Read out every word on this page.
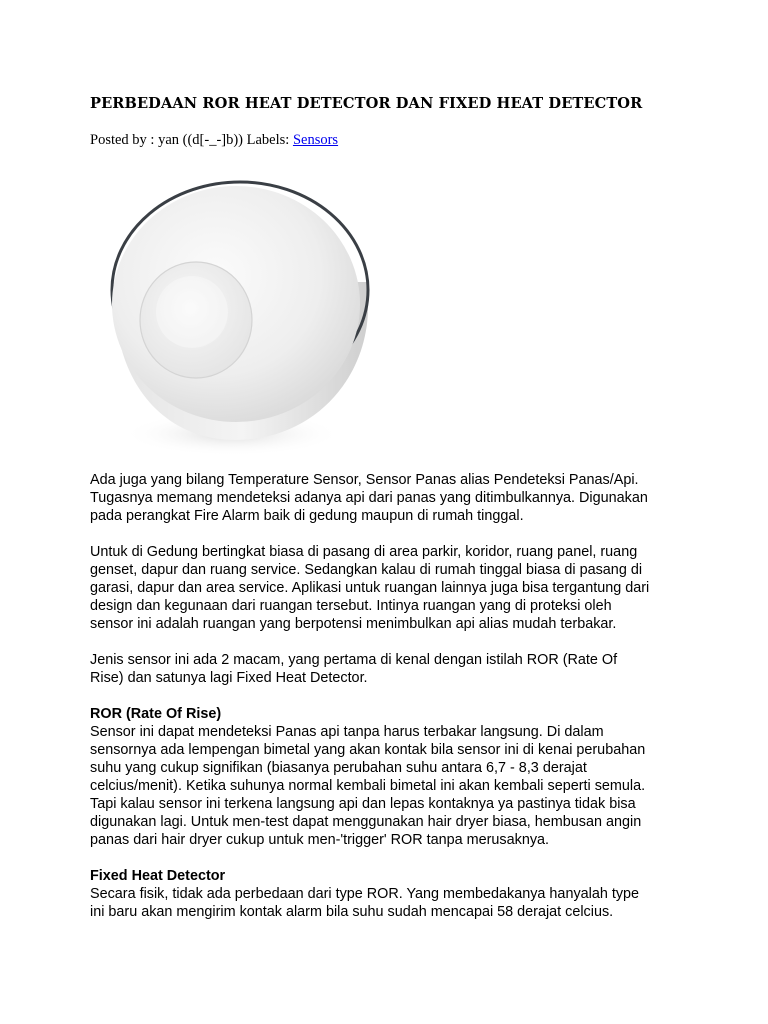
PERBEDAAN ROR HEAT DETECTOR DAN FIXED HEAT DETECTOR
Posted by : yan ((d[-_-]b)) Labels: Sensors

Ada juga yang bilang Temperature Sensor, Sensor Panas alias Pendeteksi Panas/Api.
Tugasnya memang mendeteksi adanya api dari panas yang ditimbulkannya. Digunakan
pada perangkat Fire Alarm baik di gedung maupun di rumah tinggal.

Untuk di Gedung bertingkat biasa di pasang di area parkir, koridor, ruang panel, ruang
genset, dapur dan ruang service. Sedangkan kalau di rumah tinggal biasa di pasang di
garasi, dapur dan area service. Aplikasi untuk ruangan lainnya juga bisa tergantung dari
design dan kegunaan dari ruangan tersebut. Intinya ruangan yang di proteksi oleh
sensor ini adalah ruangan yang berpotensi menimbulkan api alias mudah terbakar.

Jenis sensor ini ada 2 macam, yang pertama di kenal dengan istilah ROR (Rate Of
Rise) dan satunya lagi Fixed Heat Detector.

ROR (Rate Of Rise)
Sensor ini dapat mendeteksi Panas api tanpa harus terbakar langsung. Di dalam
sensornya ada lempengan bimetal yang akan kontak bila sensor ini di kenai perubahan
suhu yang cukup signifikan (biasanya perubahan suhu antara 6,7 - 8,3 derajat
celcius/menit). Ketika suhunya normal kembali bimetal ini akan kembali seperti semula.
Tapi kalau sensor ini terkena langsung api dan lepas kontaknya ya pastinya tidak bisa
digunakan lagi. Untuk men-test dapat menggunakan hair dryer biasa, hembusan angin
panas dari hair dryer cukup untuk men-'trigger' ROR tanpa merusaknya.
Fixed Heat Detector
Secara fisik, tidak ada perbedaan dari type ROR. Yang membedakanya hanyalah type
ini baru akan mengirim kontak alarm bila suhu sudah mencapai 58 derajat celcius.
